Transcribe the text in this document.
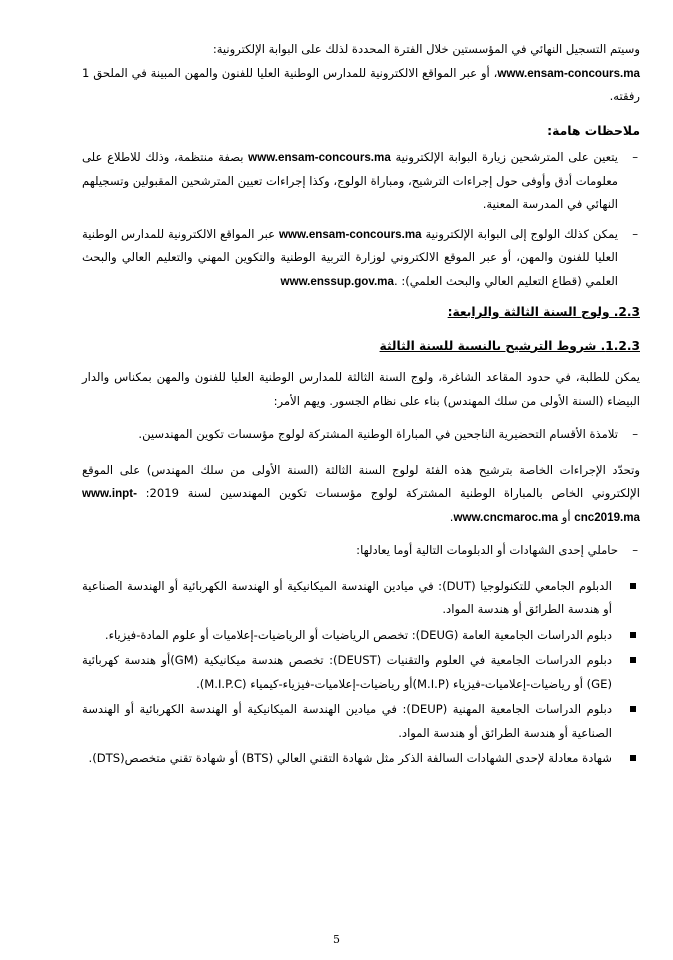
وسيتم التسجيل النهائي في المؤسستين خلال الفترة المحددة لذلك على البوابة الإلكترونية:
www.ensam-concours.ma، أو عبر المواقع الالكترونية للمدارس الوطنية العليا للفنون والمهن المبينة في الملحق 1 رفقته.

ملاحظات هامة:

–
يتعين على المترشحين زيارة البوابة الإلكترونية www.ensam-concours.ma بصفة منتظمة، وذلك للاطلاع على معلومات أدق وأوفى حول إجراءات الترشيح، ومباراة الولوج، وكذا إجراءات تعيين المترشحين المقبولين وتسجيلهم النهائي في المدرسة المعنية.
–
يمكن كذلك الولوج إلى البوابة الإلكترونية www.ensam-concours.ma عبر المواقع الالكترونية للمدارس الوطنية العليا للفنون والمهن، أو عبر الموقع الالكتروني لوزارة التربية الوطنية والتكوين المهني والتعليم العالي والبحث العلمي (قطاع التعليم العالي والبحث العلمي): .www.enssup.gov.ma

2.3. ولوج السنة الثالثة والرابعة:

1.2.3. شروط الترشيح بالنسبة للسنة الثالثة

يمكن للطلبة، في حدود المقاعد الشاغرة، ولوج السنة الثالثة للمدارس الوطنية العليا للفنون والمهن بمكناس والدار البيضاء (السنة الأولى من سلك المهندس) بناء على نظام الجسور. ويهم الأمر:

–
تلامذة الأقسام التحضيرية الناجحين في المباراة الوطنية المشتركة لولوج مؤسسات تكوين المهندسين.

وتحدّد الإجراءات الخاصة بترشيح هذه الفئة لولوج السنة الثالثة (السنة الأولى من سلك المهندس) على الموقع الإلكتروني الخاص بالمباراة الوطنية المشتركة لولوج مؤسسات تكوين المهندسين لسنة 2019: www.inpt-cnc2019.ma أو www.cncmaroc.ma.

–
حاملي إحدى الشهادات أو الدبلومات التالية أوما يعادلها:
الدبلوم الجامعي للتكنولوجيا (DUT): في ميادين الهندسة الميكانيكية أو الهندسة الكهربائية أو الهندسة الصناعية أو هندسة الطرائق أو هندسة المواد.
دبلوم الدراسات الجامعية العامة (DEUG): تخصص الرياضيات أو الرياضيات-إعلاميات أو علوم المادة-فيزياء.
دبلوم الدراسات الجامعية في العلوم والتقنيات (DEUST): تخصص هندسة ميكانيكية (GM)أو هندسة كهربائية (GE) أو رياضيات-إعلاميات-فيزياء (M.I.P)أو رياضيات-إعلاميات-فيزياء-كيمياء (M.I.P.C).
دبلوم الدراسات الجامعية المهنية (DEUP): في ميادين الهندسة الميكانيكية أو الهندسة الكهربائية أو الهندسة الصناعية أو هندسة الطرائق أو هندسة المواد.
شهادة معادلة لإحدى الشهادات السالفة الذكر مثل شهادة التقني العالي (BTS) أو شهادة تقني متخصص(DTS).
5
